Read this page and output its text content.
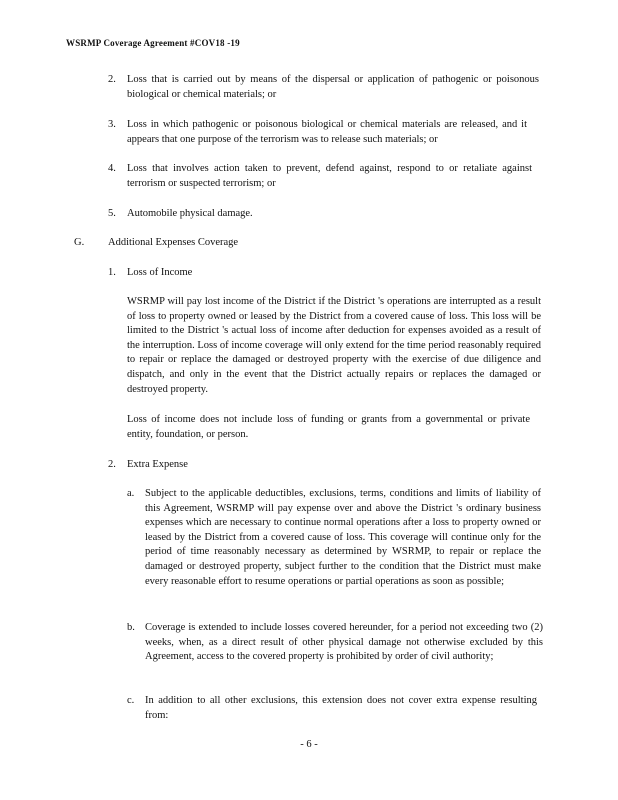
WSRMP Coverage Agreement #COV18 -19
2. Loss that is carried out by means of the dispersal or application of pathogenic or poisonous biological or chemical materials; or
3. Loss in which pathogenic or poisonous biological or chemical materials are released, and it appears that one purpose of the terrorism was to release such materials; or
4. Loss that involves action taken to prevent, defend against, respond to or retaliate against terrorism or suspected terrorism; or
5. Automobile physical damage.
G. Additional Expenses Coverage
1. Loss of Income
WSRMP will pay lost income of the District if the District 's operations are interrupted as a result of loss to property owned or leased by the District from a covered cause of loss. This loss will be limited to the District 's actual loss of income after deduction for expenses avoided as a result of the interruption. Loss of income coverage will only extend for the time period reasonably required to repair or replace the damaged or destroyed property with the exercise of due diligence and dispatch, and only in the event that the District actually repairs or replaces the damaged or destroyed property.
Loss of income does not include loss of funding or grants from a governmental or private entity, foundation, or person.
2. Extra Expense
a. Subject to the applicable deductibles, exclusions, terms, conditions and limits of liability of this Agreement, WSRMP will pay expense over and above the District 's ordinary business expenses which are necessary to continue normal operations after a loss to property owned or leased by the District from a covered cause of loss. This coverage will continue only for the period of time reasonably necessary as determined by WSRMP, to repair or replace the damaged or destroyed property, subject further to the condition that the District must make every reasonable effort to resume operations or partial operations as soon as possible;
b. Coverage is extended to include losses covered hereunder, for a period not exceeding two (2) weeks, when, as a direct result of other physical damage not otherwise excluded by this Agreement, access to the covered property is prohibited by order of civil authority;
c. In addition to all other exclusions, this extension does not cover extra expense resulting from:
- 6 -
